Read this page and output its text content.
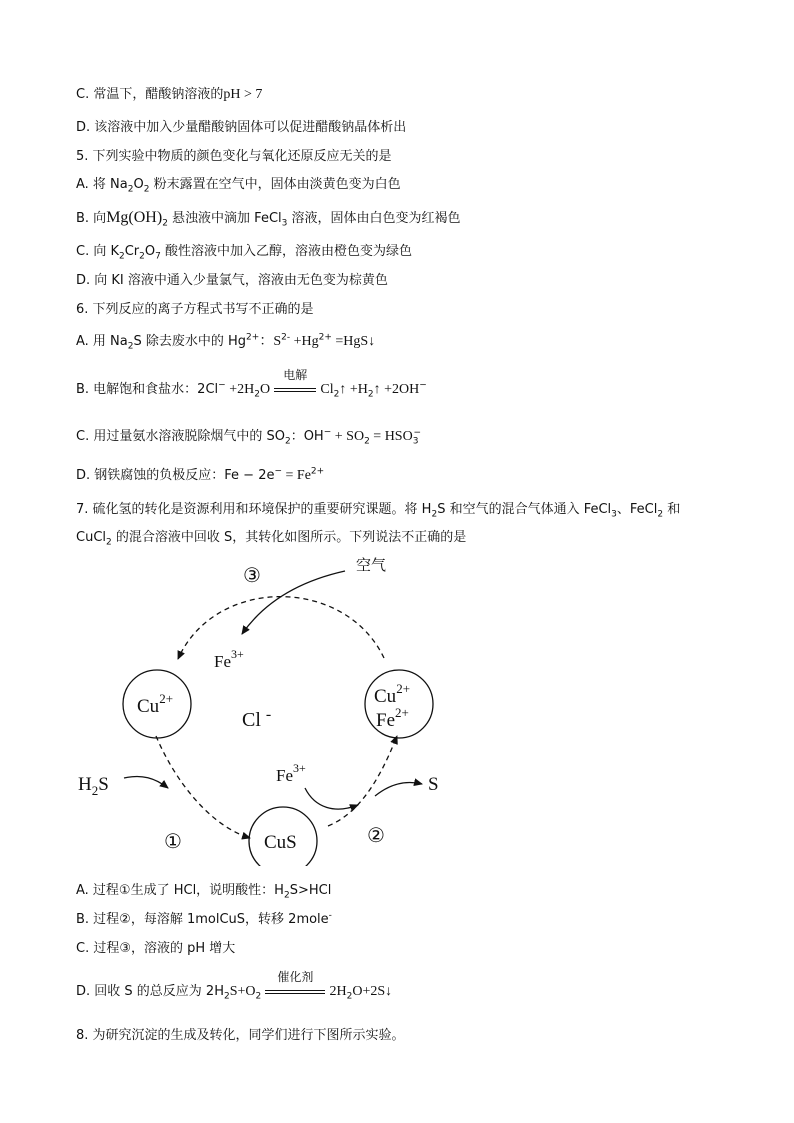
C. 常温下，醋酸钠溶液的pH > 7
D. 该溶液中加入少量醋酸钠固体可以促进醋酸钠晶体析出
5. 下列实验中物质的颜色变化与氧化还原反应无关的是
A. 将 $Na_2O_2$ 粉末露置在空气中，固体由淡黄色变为白色
B. 向$Mg(OH)_2$ 悬浊液中滴加 FeCl$_3$ 溶液，固体由白色变为红褐色
C. 向 $K_2Cr_2O_7$ 酸性溶液中加入乙醇，溶液由橙色变为绿色
D. 向 KI 溶液中通入少量氯气，溶液由无色变为棕黄色
6. 下列反应的离子方程式书写不正确的是
A. 用 $Na_2S$ 除去废水中的 $Hg^{2+}$：$S^{2-} +Hg^{2+}$ =HgS↓
B. 电解饱和食盐水：$2Cl^- +2H_2O$
电解
$Cl_2↑$ $+H_2↑ +2OH^-$
C. 用过量氨水溶液脱除烟气中的 $SO_2$：$OH^- + SO_2 = HSO_3^-$
D. 钢铁腐蚀的负极反应：$Fe - 2e^- = Fe^{2+}$
7. 硫化氢的转化是资源利用和环境保护的重要研究课题。将 $H_2S$ 和空气的混合气体通入 FeCl$_3$、FeCl$_2$ 和
CuCl$_2$ 的混合溶液中回收 S，其转化如图所示。下列说法不正确的是
③	空气
$Fe^{3+}$
$Cu^{2+}$
Cl -
$Cu^{2+}$
$Fe^{2+}$
$H_2S$	$Fe^{3+}$
S
①	CuS	②
A. 过程①生成了 HCl，说明酸性：$H_2S>HCl$
B. 过程②，每溶解 1molCuS，转移 2mole-
C. 过程③，溶液的 pH 增大
D. 回收 S 的总反应为 $2H_2S+O_2$
催化剂
$2H_2O+2S↓$
8. 为研究沉淀的生成及转化，同学们进行下图所示实验。
